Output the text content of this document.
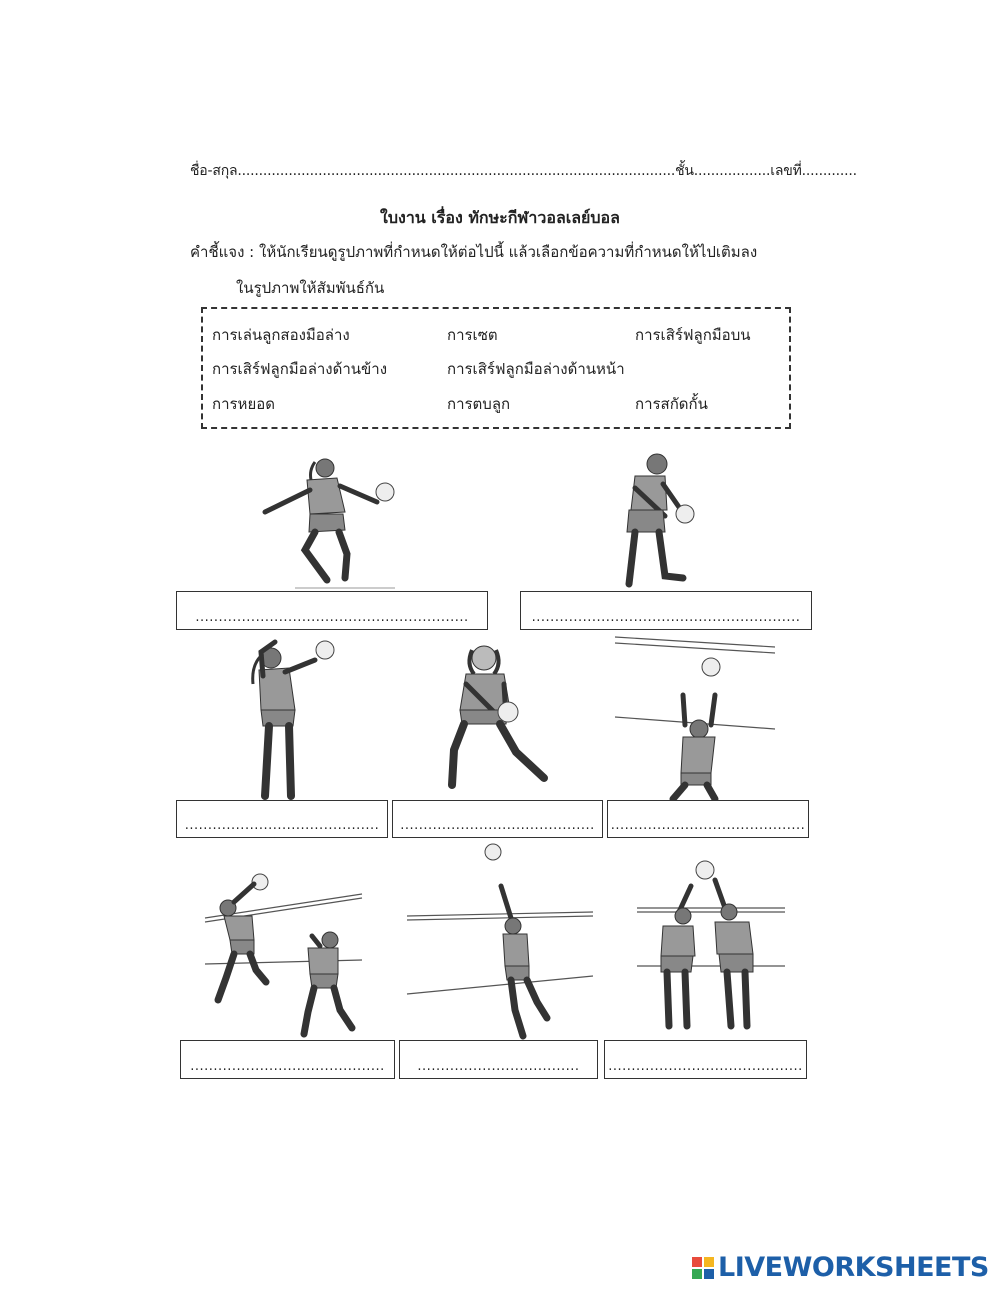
ชื่อ-สกุล.......................................................................................................ชั้น..................เลขที่.............
ใบงาน เรื่อง ทักษะกีฬาวอลเลย์บอล
คำชี้แจง : ให้นักเรียนดูรูปภาพที่กำหนดให้ต่อไปนี้ แล้วเลือกข้อความที่กำหนดให้ไปเติมลง
ในรูปภาพให้สัมพันธ์กัน
การเล่นลูกสองมือล่าง	การเซต	การเสิร์ฟลูกมือบน
การเสิร์ฟลูกมือล่างด้านข้าง	การเสิร์ฟลูกมือล่างด้านหน้า
การหยอด	การตบลูก	การสกัดกั้น
...........................................................	..........................................................
.......................................... .......................................... ..........................................
..........................................	................................... ..........................................
LIVEWORKSHEETS
